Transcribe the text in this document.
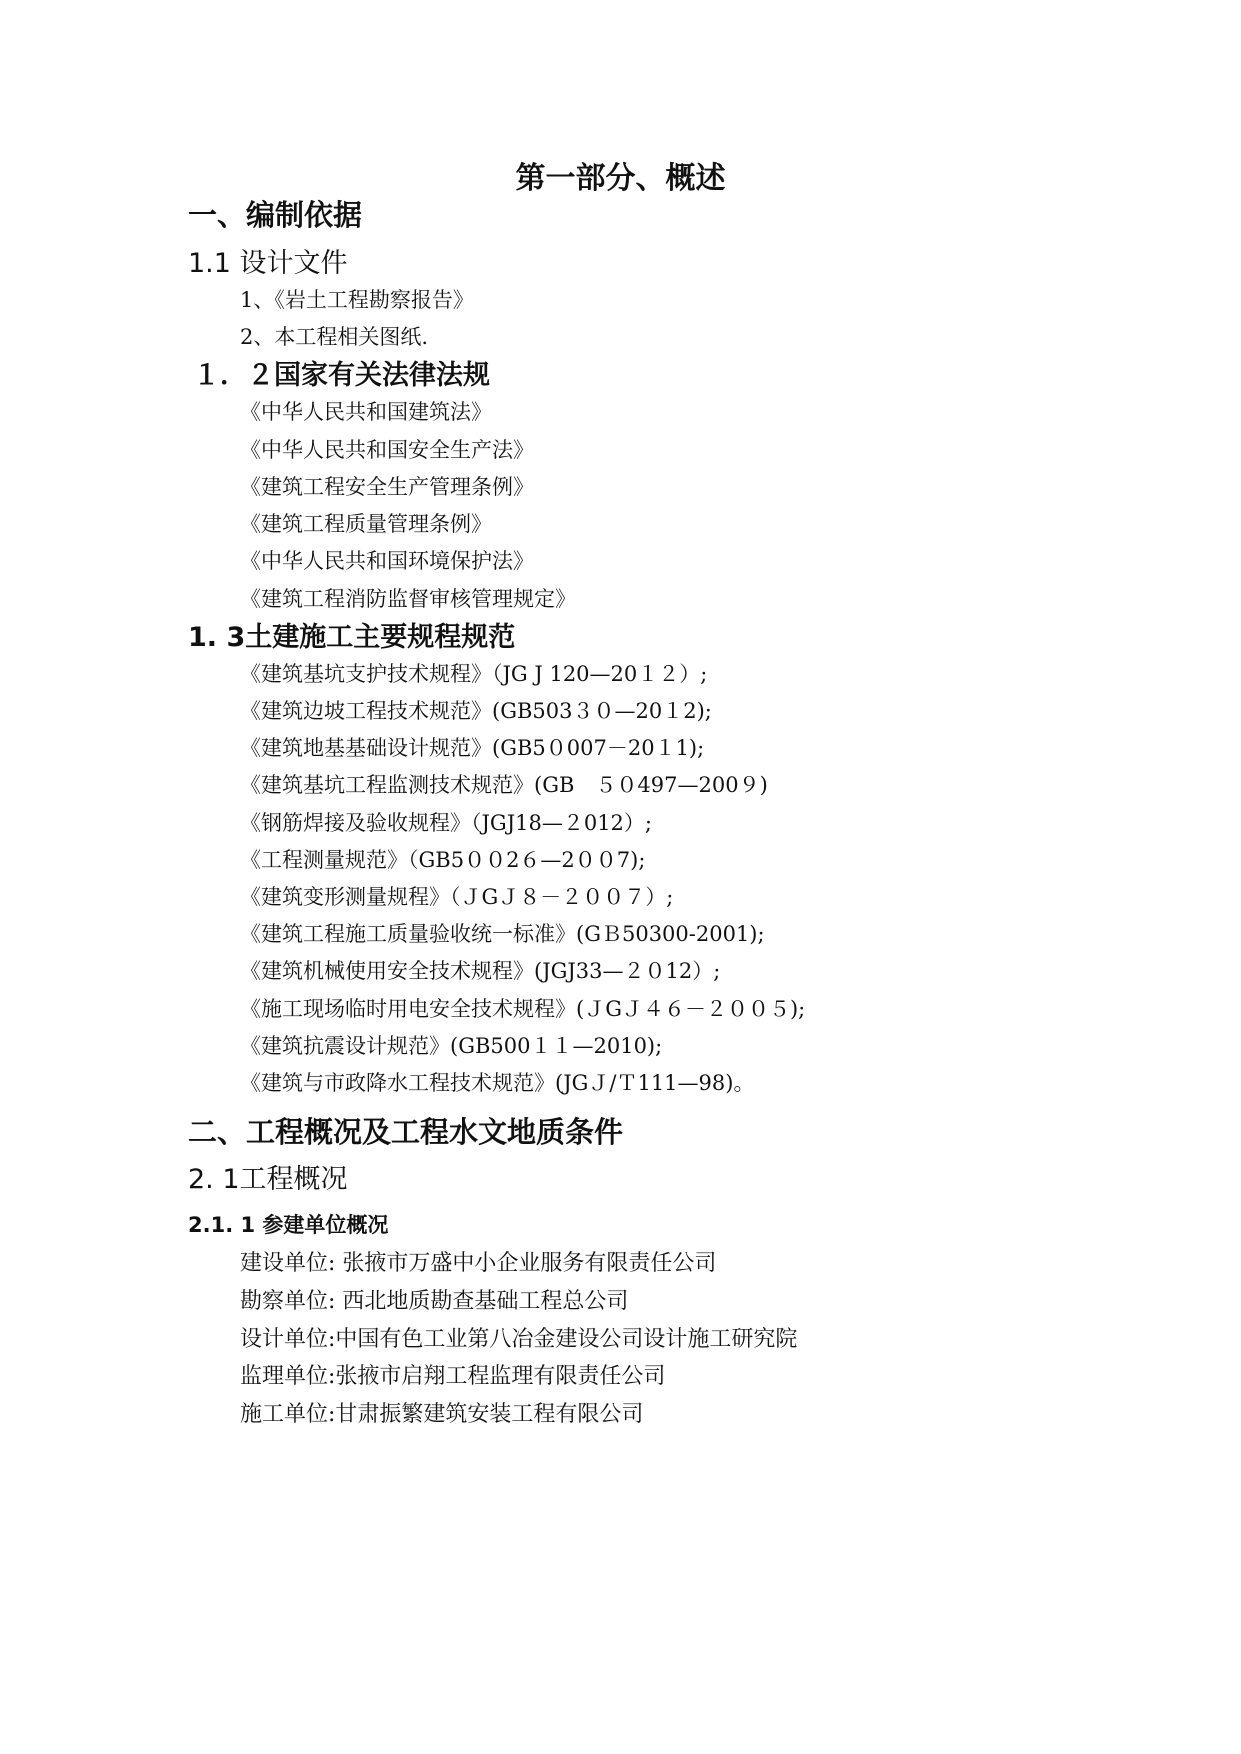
第一部分、概述
一、编制依据
1.1 设计文件
1、《岩土工程勘察报告》
2、本工程相关图纸.
１．２国家有关法律法规
《中华人民共和国建筑法》
《中华人民共和国安全生产法》
《建筑工程安全生产管理条例》
《建筑工程质量管理条例》
《中华人民共和国环境保护法》
《建筑工程消防监督审核管理规定》
1. 3土建施工主要规程规范
《建筑基坑支护技术规程》（JG J 120—20１２）;
《建筑边坡工程技术规范》(GB503３０—20１2);
《建筑地基基础设计规范》(GB5０007－20１1);
《建筑基坑工程监测技术规范》(GB　５０497—200９)
《钢筋焊接及验收规程》（JGJ18—２012）;
《工程测量规范》（GB5００2６—2００7);
《建筑变形测量规程》（ＪGＪ８－２００７）;
《建筑工程施工质量验收统一标准》(GＢ50300-2001);
《建筑机械使用安全技术规程》(JGJ33—２０12）;
《施工现场临时用电安全技术规程》(ＪGＪ４６－２００５);
《建筑抗震设计规范》(GB500１１—2010);
《建筑与市政降水工程技术规范》(JGＪ/Ｔ111—98)。
二、工程概况及工程水文地质条件
2. 1工程概况
2.1. 1 参建单位概况
建设单位: 张掖市万盛中小企业服务有限责任公司
勘察单位: 西北地质勘查基础工程总公司
设计单位:中国有色工业第八冶金建设公司设计施工研究院
监理单位:张掖市启翔工程监理有限责任公司
施工单位:甘肃振繁建筑安装工程有限公司
